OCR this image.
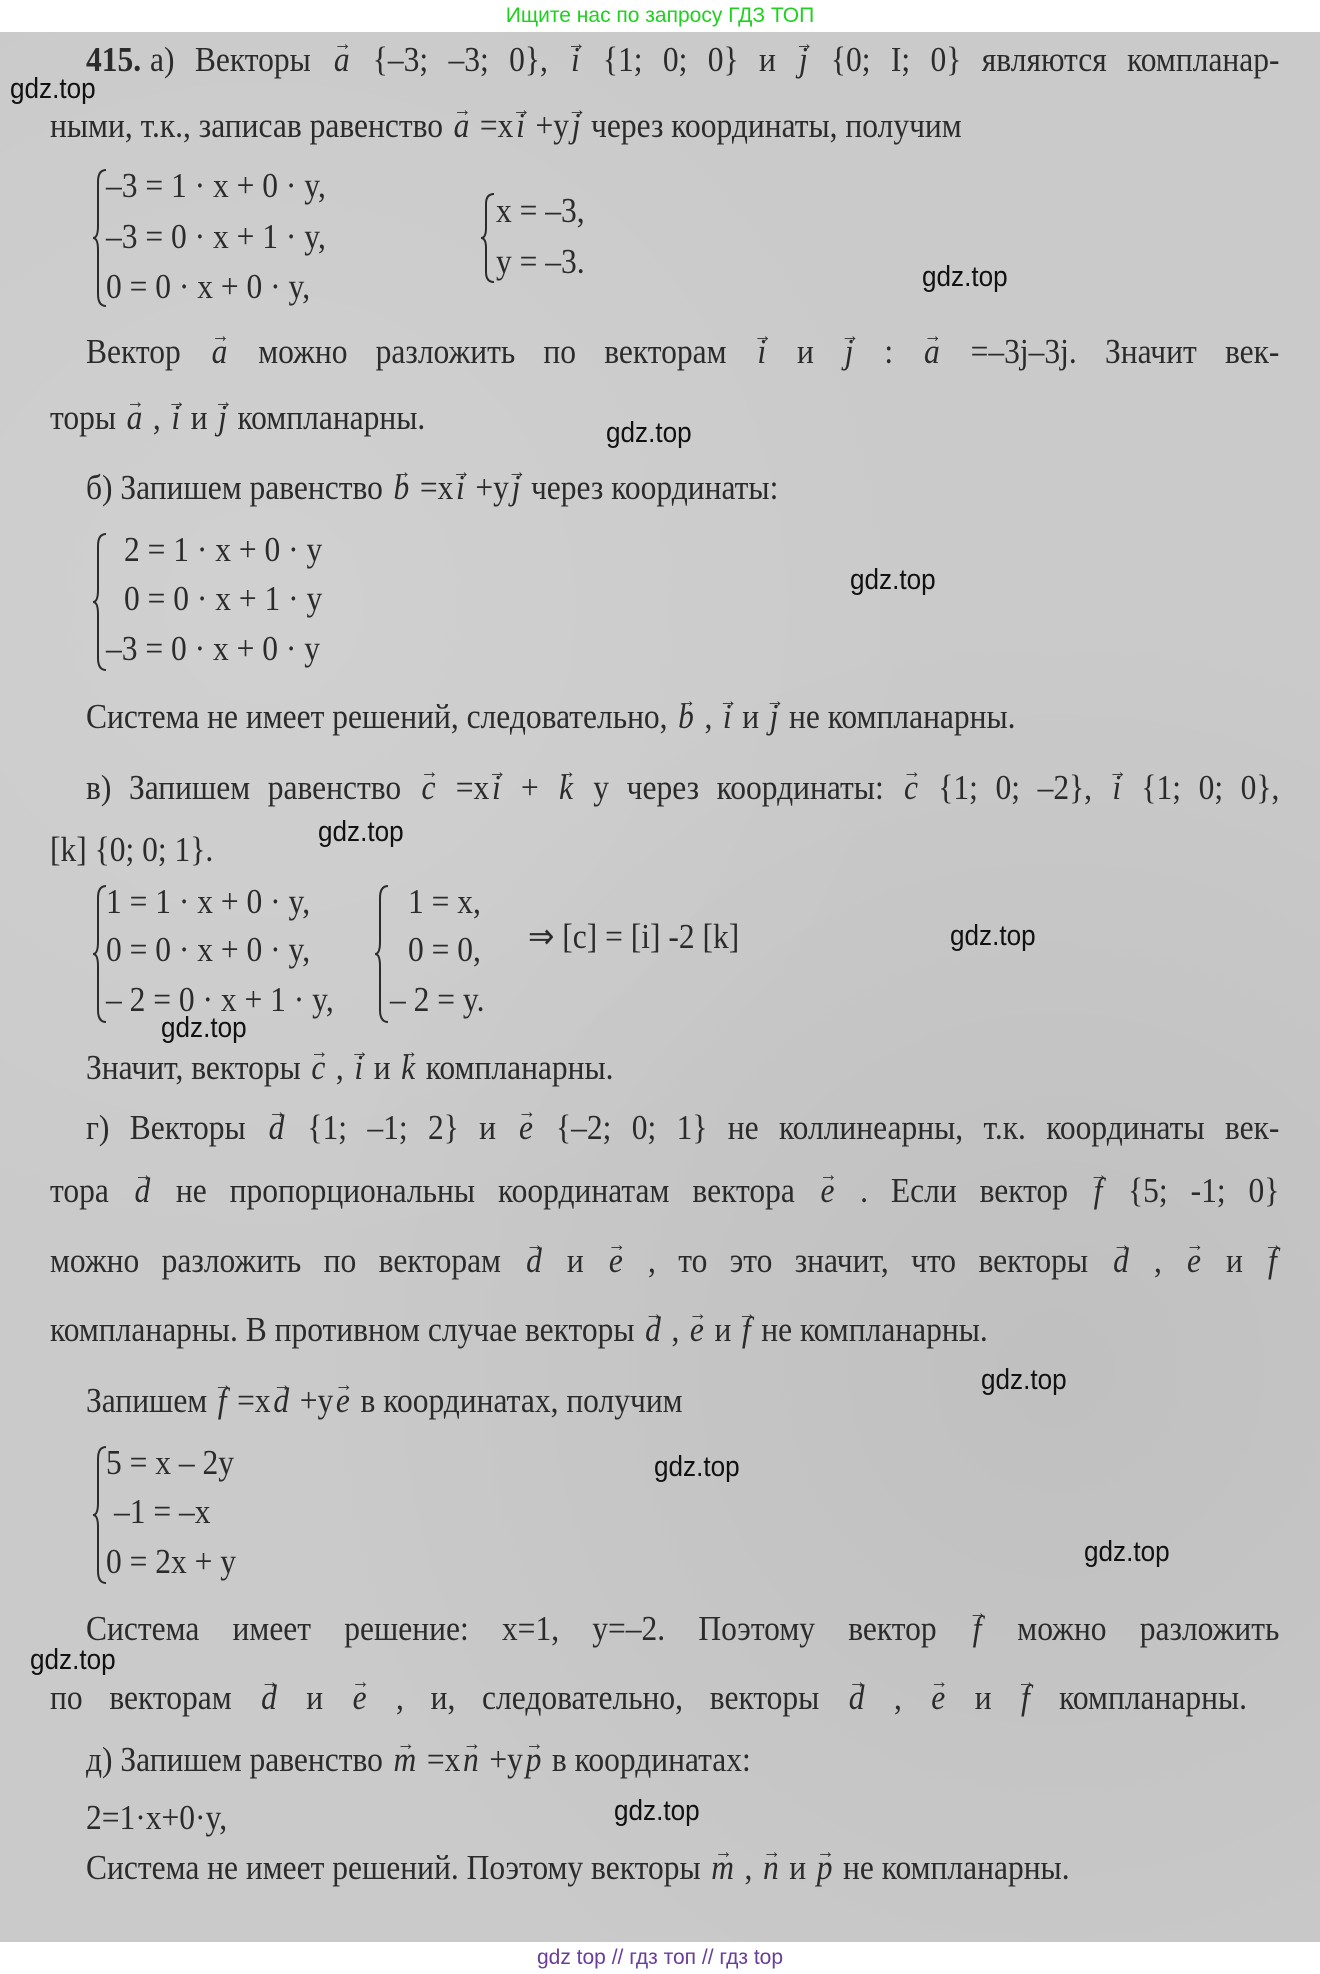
Ищите нас по запросу ГДЗ ТОП
415. а) Векторы a → {–3; –3; 0}, i → {1; 0; 0} и j → {0; I; 0} являются компланар-
ными, т.к., записав равенство a → =xi → +yj → через координаты, получим
–3 = 1 · x + 0 · y,
–3 = 0 · x + 1 · y,
0 = 0 · x + 0 · y,
x = –3,
y = –3.
Вектор a → можно разложить по векторам i → и j → : a → =–3j–3j. Значит век-
торы a → , i → и j → компланарны.
б) Запишем равенство b → =xi → +yj → через координаты:
2 = 1 · x + 0 · y
0 = 0 · x + 1 · y
–3 = 0 · x + 0 · y
Система не имеет решений, следовательно, b → , i → и j → не компланарны.
в) Запишем равенство c → =xi → + k → y через координаты: c → {1; 0; –2}, i → {1; 0; 0},
[k] {0; 0; 1}.
1 = 1 · x + 0 · y,
0 = 0 · x + 0 · y,
– 2 = 0 · x + 1 · y,
1 = x,
0 = 0,
– 2 = y.
⇒ [c] = [i] -2 [k]
Значит, векторы c → , i → и k → компланарны.
г) Векторы d → {1; –1; 2} и e → {–2; 0; 1} не коллинеарны, т.к. координаты век-
тора d → не пропорциональны координатам вектора e → . Если вектор f → {5; -1; 0}
можно разложить по векторам d → и e → , то это значит, что векторы d → , e → и f →
компланарны. В противном случае векторы d → , e → и f → не компланарны.
Запишем f → =xd → +ye → в координатах, получим
5 = x – 2y
–1 = –x
0 = 2x + y
Система имеет решение: x=1, y=–2. Поэтому вектор f → можно разложить
по векторам d → и e → , и, следовательно, векторы d → , e → и f → компланарны.
д) Запишем равенство m → =xn → +yp → в координатах:
2=1·x+0·y,
Система не имеет решений. Поэтому векторы m → , n → и p → не компланарны.
gdz.top
gdz.top
gdz.top
gdz.top
gdz.top
gdz.top
gdz.top
gdz.top
gdz.top
gdz.top
gdz.top
gdz.top
gdz top // гдз топ // гдз top
